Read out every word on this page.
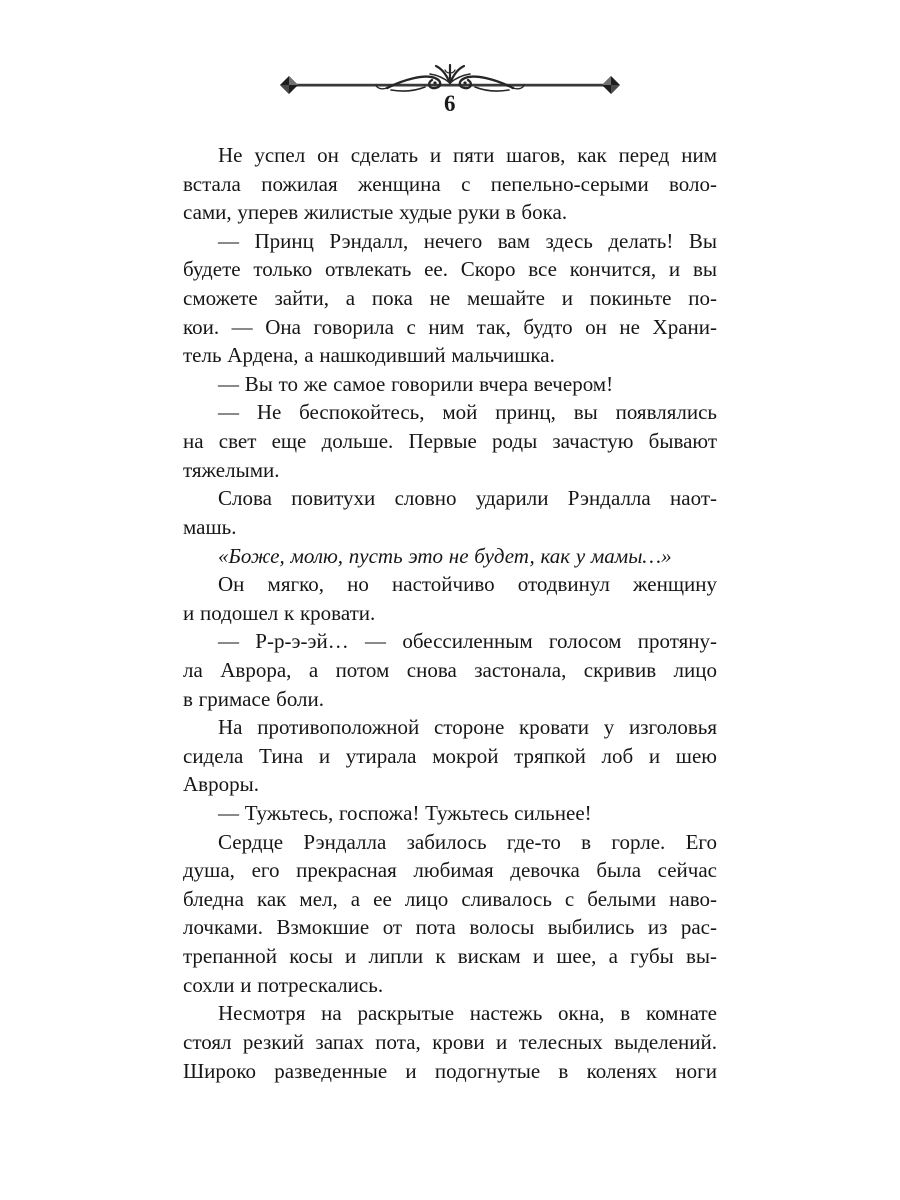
6
Не успел он сделать и пяти шагов, как перед ним
встала пожилая женщина с пепельно-серыми воло-
сами, уперев жилистые худые руки в бока.
— Принц Рэндалл, нечего вам здесь делать! Вы
будете только отвлекать ее. Скоро все кончится, и вы
сможете зайти, а пока не мешайте и покиньте по-
кои. — Она говорила с ним так, будто он не Храни-
тель Ардена, а нашкодивший мальчишка.
— Вы то же самое говорили вчера вечером!
— Не беспокойтесь, мой принц, вы появлялись
на свет еще дольше. Первые роды зачастую бывают
тяжелыми.
Слова повитухи словно ударили Рэндалла наот-
машь.
«Боже, молю, пусть это не будет, как у мамы…»
Он мягко, но настойчиво отодвинул женщину
и подошел к кровати.
— Р-р-э-эй… — обессиленным голосом протяну-
ла Аврора, а потом снова застонала, скривив лицо
в гримасе боли.
На противоположной стороне кровати у изголовья
сидела Тина и утирала мокрой тряпкой лоб и шею
Авроры.
— Тужьтесь, госпожа! Тужьтесь сильнее!
Сердце Рэндалла забилось где-то в горле. Его
душа, его прекрасная любимая девочка была сейчас
бледна как мел, а ее лицо сливалось с белыми наво-
лочками. Взмокшие от пота волосы выбились из рас-
трепанной косы и липли к вискам и шее, а губы вы-
сохли и потрескались.
Несмотря на раскрытые настежь окна, в комнате
стоял резкий запах пота, крови и телесных выделений.
Широко разведенные и подогнутые в коленях ноги
